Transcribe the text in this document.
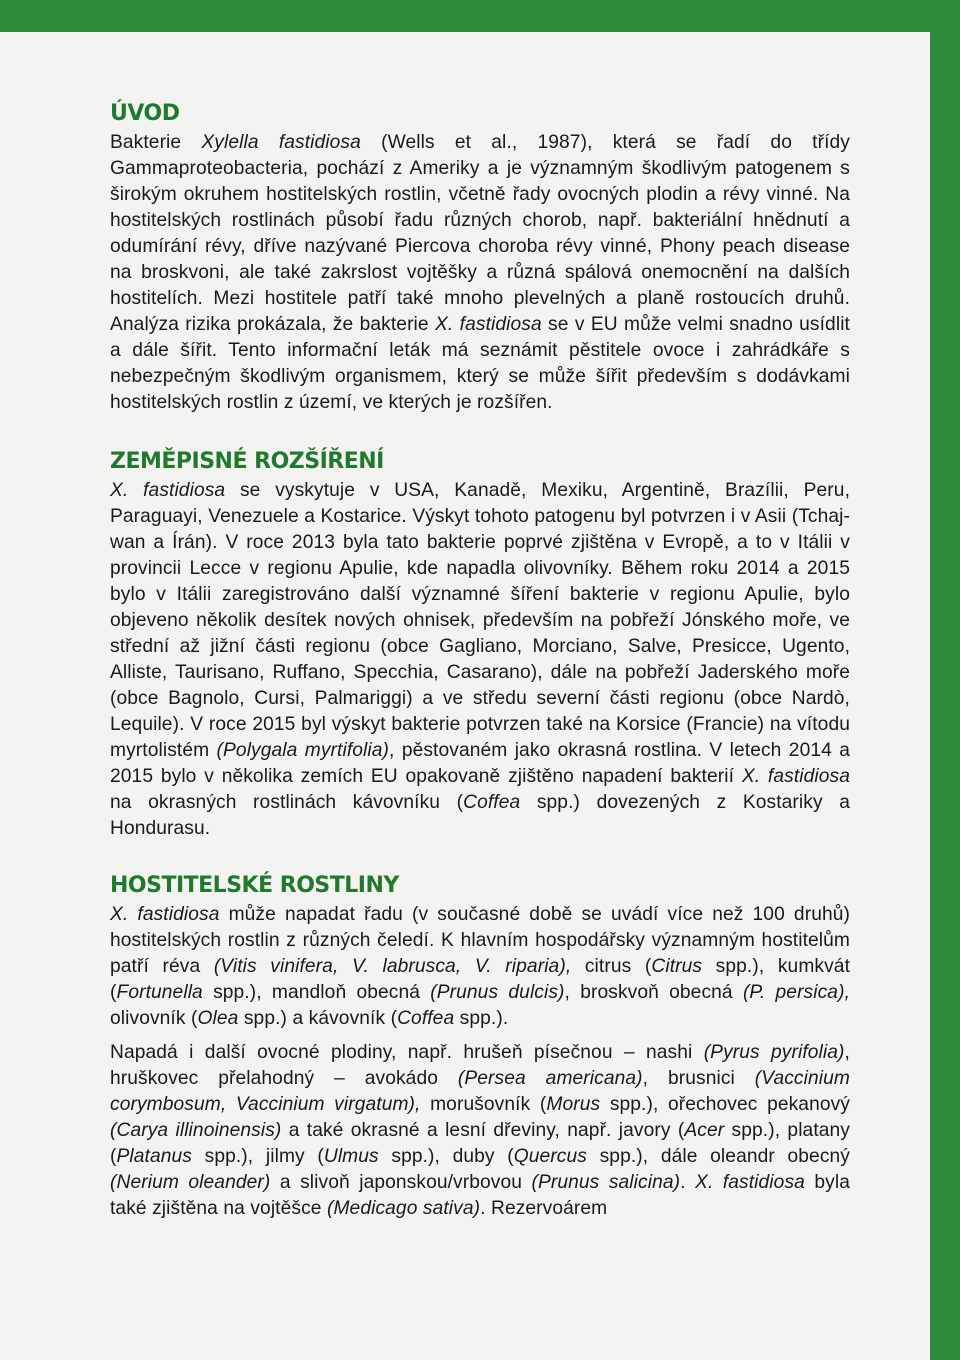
ÚVOD

Bakterie Xylella fastidiosa (Wells et al., 1987), která se řadí do třídy Gammaproteobacteria, pochází z Ameriky a je významným škodlivým patogenem s širokým okruhem hostitelských rostlin, včetně řady ovocných plodin a révy vinné. Na hostitelských rostlinách působí řadu různých chorob, např. bakteriální hnědnutí a odumírání révy, dříve nazývané Piercova choroba révy vinné, Phony peach disease na broskvoni, ale také zakrslost vojtěšky a různá spálová onemocnění na dalších hostitelích. Mezi hostitele patří také mnoho plevelných a planě rostoucích druhů. Analýza rizika prokázala, že bakterie X. fastidiosa se v EU může velmi snadno usídlit a dále šířit. Tento informační leták má seznámit pěstitele ovoce i zahrádkáře s nebezpečným škodlivým organismem, který se může šířit především s dodávkami hostitelských rostlin z území, ve kterých je rozšířen.

ZEMĚPISNÉ ROZŠÍŘENÍ

X. fastidiosa se vyskytuje v USA, Kanadě, Mexiku, Argentině, Brazílii, Peru, Paraguayi, Venezuele a Kostarice. Výskyt tohoto patogenu byl potvrzen i v Asii (Tchaj-wan a Írán). V roce 2013 byla tato bakterie poprvé zjištěna v Evropě, a to v Itálii v provincii Lecce v regionu Apulie, kde napadla olivovníky. Během roku 2014 a 2015 bylo v Itálii zaregistrováno další významné šíření bakterie v regionu Apulie, bylo objeveno několik desítek nových ohnisek, především na pobřeží Jónského moře, ve střední až jižní části regionu (obce Gagliano, Morciano, Salve, Presicce, Ugento, Alliste, Taurisano, Ruffano, Specchia, Casarano), dále na pobřeží Jaderského moře (obce Bagnolo, Cursi, Palmariggi) a ve středu severní části regionu (obce Nardò, Lequile). V roce 2015 byl výskyt bakterie potvrzen také na Korsice (Francie) na vítodu myrtolistém (Polygala myrtifolia), pěstovaném jako okrasná rostlina. V letech 2014 a 2015 bylo v několika zemích EU opakovaně zjištěno napadení bakterií X. fastidiosa na okrasných rostlinách kávovníku (Coffea spp.) dovezených z Kostariky a Hondurasu.

HOSTITELSKÉ ROSTLINY

X. fastidiosa může napadat řadu (v současné době se uvádí více než 100 druhů) hostitelských rostlin z různých čeledí. K hlavním hospodářsky významným hostitelům patří réva (Vitis vinifera, V. labrusca, V. riparia), citrus (Citrus spp.), kumkvát (Fortunella spp.), mandloň obecná (Prunus dulcis), broskvoň obecná (P. persica), olivovník (Olea spp.) a kávovník (Coffea spp.).

Napadá i další ovocné plodiny, např. hrušeň písečnou – nashi (Pyrus pyrifolia), hruškovec přelahodný – avokádo (Persea americana), brusnici (Vaccinium corymbosum, Vaccinium virgatum), morušovník (Morus spp.), ořechovec pekanový (Carya illinoinensis) a také okrasné a lesní dřeviny, např. javory (Acer spp.), platany (Platanus spp.), jilmy (Ulmus spp.), duby (Quercus spp.), dále oleandr obecný (Nerium oleander) a slivoň japonskou/vrbovou (Prunus salicina). X. fastidiosa byla také zjištěna na vojtěšce (Medicago sativa). Rezervoárem
